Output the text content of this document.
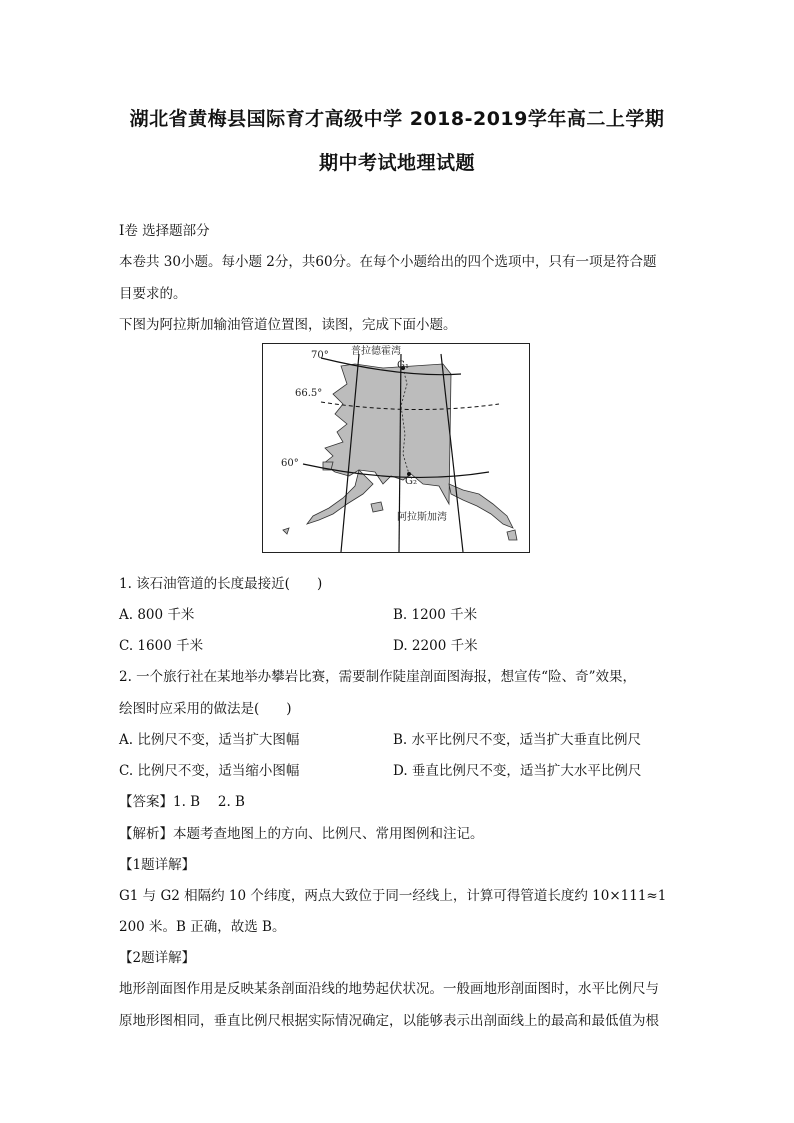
湖北省黄梅县国际育才高级中学 2018-2019学年高二上学期
期中考试地理试题
I卷 选择题部分
本卷共 30小题。每小题 2分，共60分。在每个小题给出的四个选项中，只有一项是符合题
目要求的。
下图为阿拉斯加输油管道位置图，读图，完成下面小题。
普拉德霍湾
G₁
G₂
阿拉斯加湾
70°
66.5°
60°
1. 该石油管道的长度最接近(　　)
A. 800 千米	B. 1200 千米
C. 1600 千米	D. 2200 千米
2. 一个旅行社在某地举办攀岩比赛，需要制作陡崖剖面图海报，想宣传“险、奇”效果，
绘图时应采用的做法是(　　)
A. 比例尺不变，适当扩大图幅	B. 水平比例尺不变，适当扩大垂直比例尺
C. 比例尺不变，适当缩小图幅	D. 垂直比例尺不变，适当扩大水平比例尺
【答案】1. B　 2. B
【解析】本题考查地图上的方向、比例尺、常用图例和注记。
【1题详解】
G1 与 G2 相隔约 10 个纬度，两点大致位于同一经线上，计算可得管道长度约 10×111≈1
200 米。B 正确，故选 B。
【2题详解】
地形剖面图作用是反映某条剖面沿线的地势起伏状况。一般画地形剖面图时，水平比例尺与
原地形图相同，垂直比例尺根据实际情况确定，以能够表示出剖面线上的最高和最低值为根
